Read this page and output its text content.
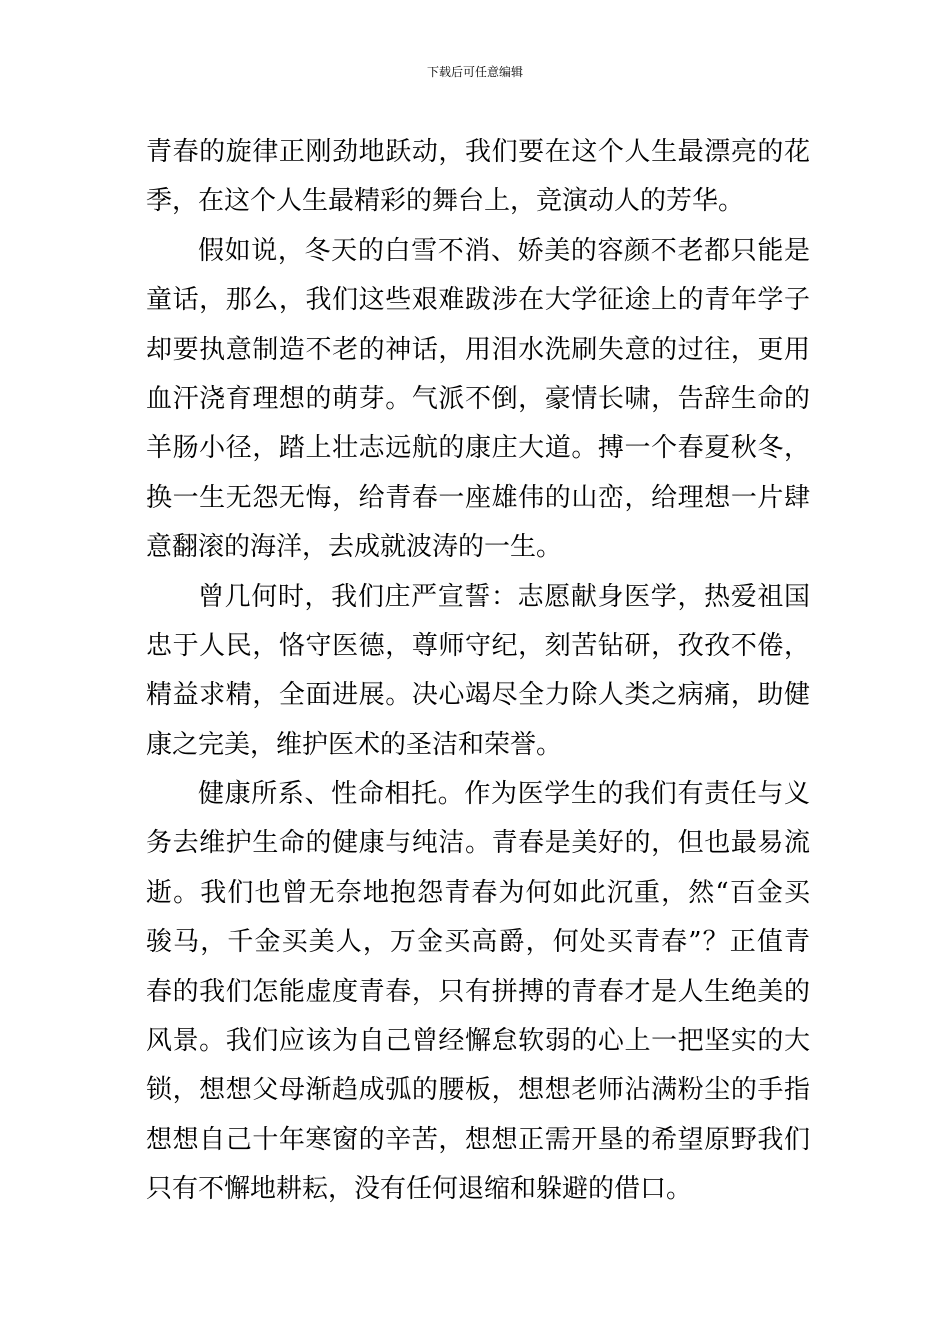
下载后可任意编辑
青春的旋律正刚劲地跃动，我们要在这个人生最漂亮的花
季，在这个人生最精彩的舞台上，竞演动人的芳华。
假如说，冬天的白雪不消、娇美的容颜不老都只能是
童话，那么，我们这些艰难跋涉在大学征途上的青年学子
却要执意制造不老的神话，用泪水洗刷失意的过往，更用
血汗浇育理想的萌芽。气派不倒，豪情长啸，告辞生命的
羊肠小径，踏上壮志远航的康庄大道。搏一个春夏秋冬，
换一生无怨无悔，给青春一座雄伟的山峦，给理想一片肆
意翻滚的海洋，去成就波涛的一生。
曾几何时，我们庄严宣誓：志愿献身医学，热爱祖国
忠于人民，恪守医德，尊师守纪，刻苦钻研，孜孜不倦，
精益求精，全面进展。决心竭尽全力除人类之病痛，助健
康之完美，维护医术的圣洁和荣誉。
健康所系、性命相托。作为医学生的我们有责任与义
务去维护生命的健康与纯洁。青春是美好的，但也最易流
逝。我们也曾无奈地抱怨青春为何如此沉重，然“百金买
骏马，千金买美人，万金买高爵，何处买青春”？正值青
春的我们怎能虚度青春，只有拼搏的青春才是人生绝美的
风景。我们应该为自己曾经懈怠软弱的心上一把坚实的大
锁，想想父母渐趋成弧的腰板，想想老师沾满粉尘的手指
想想自己十年寒窗的辛苦，想想正需开垦的希望原野我们
只有不懈地耕耘，没有任何退缩和躲避的借口。
